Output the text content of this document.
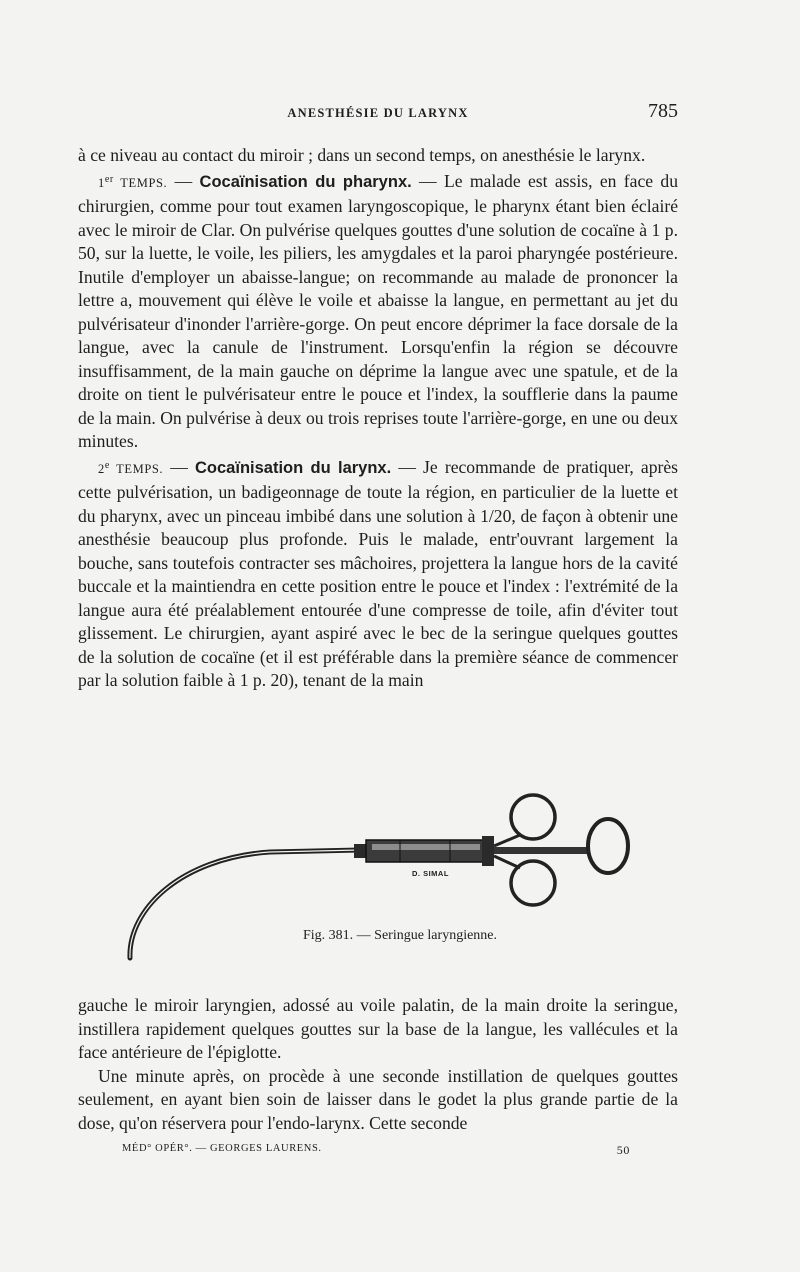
ANESTHÉSIE DU LARYNX	785

à ce niveau au contact du miroir ; dans un second temps, on anesthésie le larynx.

1er TEMPS. — Cocaïnisation du pharynx. — Le malade est assis, en face du chirurgien, comme pour tout examen laryngoscopique, le pharynx étant bien éclairé avec le miroir de Clar. On pulvérise quelques gouttes d'une solution de cocaïne à 1 p. 50, sur la luette, le voile, les piliers, les amygdales et la paroi pharyngée postérieure. Inutile d'employer un abaisse-langue; on recommande au malade de prononcer la lettre a, mouvement qui élève le voile et abaisse la langue, en permettant au jet du pulvérisateur d'inonder l'arrière-gorge. On peut encore déprimer la face dorsale de la langue, avec la canule de l'instrument. Lorsqu'enfin la région se découvre insuffisamment, de la main gauche on déprime la langue avec une spatule, et de la droite on tient le pulvérisateur entre le pouce et l'index, la soufflerie dans la paume de la main. On pulvérise à deux ou trois reprises toute l'arrière-gorge, en une ou deux minutes.

2e TEMPS. — Cocaïnisation du larynx. — Je recommande de pratiquer, après cette pulvérisation, un badigeonnage de toute la région, en particulier de la luette et du pharynx, avec un pinceau imbibé dans une solution à 1/20, de façon à obtenir une anesthésie beaucoup plus profonde. Puis le malade, entr'ouvrant largement la bouche, sans toutefois contracter ses mâchoires, projettera la langue hors de la cavité buccale et la maintiendra en cette position entre le pouce et l'index : l'extrémité de la langue aura été préalablement entourée d'une compresse de toile, afin d'éviter tout glissement. Le chirurgien, ayant aspiré avec le bec de la seringue quelques gouttes de la solution de cocaïne (et il est préférable dans la première séance de commencer par la solution faible à 1 p. 20), tenant de la main

D. SIMAL
Fig. 381. — Seringue laryngienne.

gauche le miroir laryngien, adossé au voile palatin, de la main droite la seringue, instillera rapidement quelques gouttes sur la base de la langue, les vallécules et la face antérieure de l'épiglotte.

Une minute après, on procède à une seconde instillation de quelques gouttes seulement, en ayant bien soin de laisser dans le godet la plus grande partie de la dose, qu'on réservera pour l'endo-larynx. Cette seconde

MÉD° OPÉR°. — GEORGES LAURENS.	50
